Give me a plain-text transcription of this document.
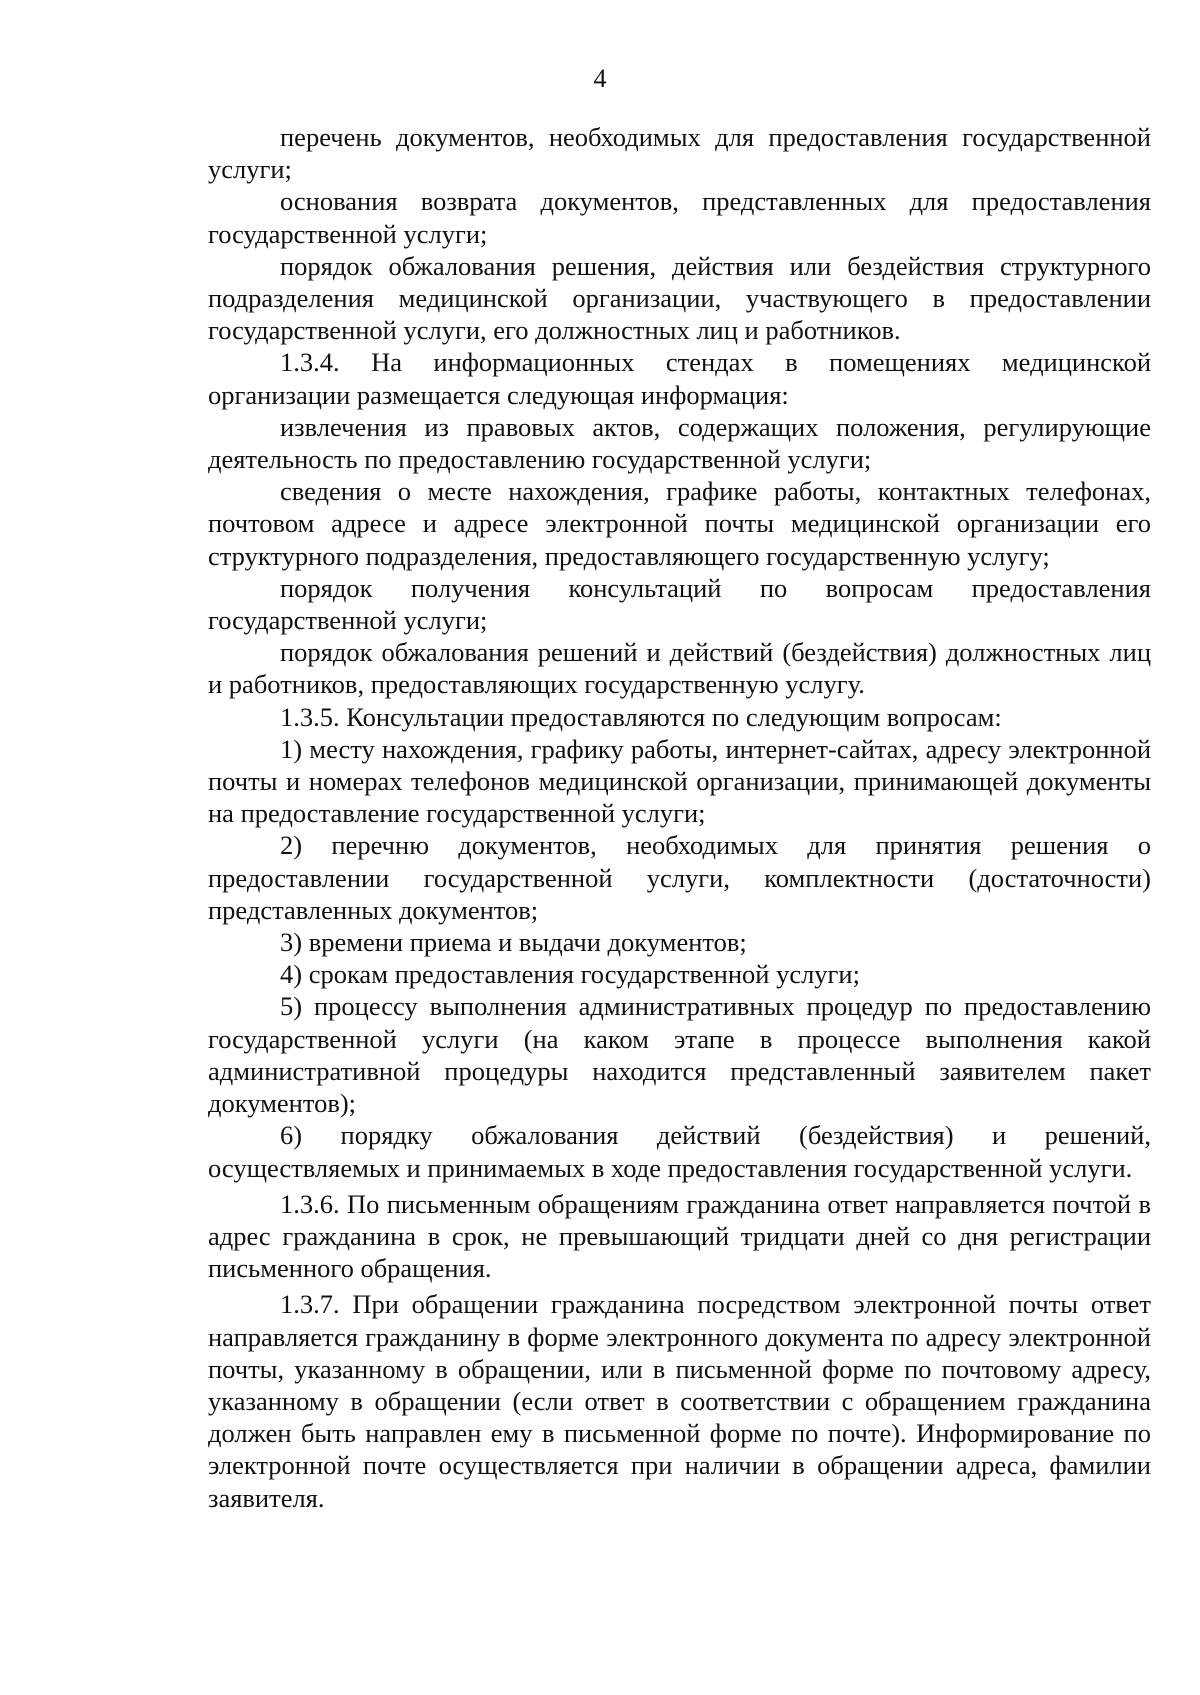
4

перечень документов, необходимых для предоставления государственной услуги;

основания возврата документов, представленных для предоставления государственной услуги;

порядок обжалования решения, действия или бездействия структурного подразделения медицинской организации, участвующего в предоставлении государственной услуги, его должностных лиц и работников.

1.3.4. На информационных стендах в помещениях медицинской организации размещается следующая информация:

извлечения из правовых актов, содержащих положения, регулирующие деятельность по предоставлению государственной услуги;

сведения о месте нахождения, графике работы, контактных телефонах, почтовом адресе и адресе электронной почты медицинской организации его структурного подразделения, предоставляющего государственную услугу;

порядок получения консультаций по вопросам предоставления государственной услуги;

порядок обжалования решений и действий (бездействия) должностных лиц и работников, предоставляющих государственную услугу.

1.3.5. Консультации предоставляются по следующим вопросам:

1) месту нахождения, графику работы, интернет-сайтах, адресу электронной почты и номерах телефонов медицинской организации, принимающей документы на предоставление государственной услуги;

2) перечню документов, необходимых для принятия решения о предоставлении государственной услуги, комплектности (достаточности) представленных документов;

3) времени приема и выдачи документов;

4) срокам предоставления государственной услуги;

5) процессу выполнения административных процедур по предоставлению государственной услуги (на каком этапе в процессе выполнения какой административной процедуры находится представленный заявителем пакет документов);

6) порядку обжалования действий (бездействия) и решений, осуществляемых и принимаемых в ходе предоставления государственной услуги.

1.3.6. По письменным обращениям гражданина ответ направляется почтой в адрес гражданина в срок, не превышающий тридцати дней со дня регистрации письменного обращения.

1.3.7. При обращении гражданина посредством электронной почты ответ направляется гражданину в форме электронного документа по адресу электронной почты, указанному в обращении, или в письменной форме по почтовому адресу, указанному в обращении (если ответ в соответствии с обращением гражданина должен быть направлен ему в письменной форме по почте). Информирование по электронной почте осуществляется при наличии в обращении адреса, фамилии заявителя.
